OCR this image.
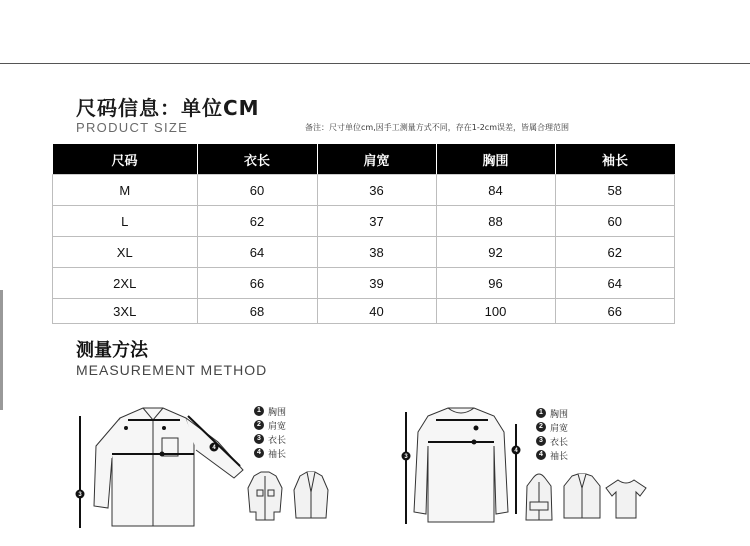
尺码信息：单位CM
PRODUCT SIZE	备注：尺寸单位cm,因手工测量方式不同，存在1-2cm误差，皆属合理范围
尺码	衣长	肩宽	胸围	袖长
M	60	36	84	58
L	62	37	88	60
XL	64	38	92	62
2XL	66	39	96	64
3XL	68	40	100	66
测量方法
MEASUREMENT METHOD
3
4
1 胸围
2 肩宽
3 衣长
4 袖长	3
4
1 胸围
2 肩宽
3 衣长
4 袖长
